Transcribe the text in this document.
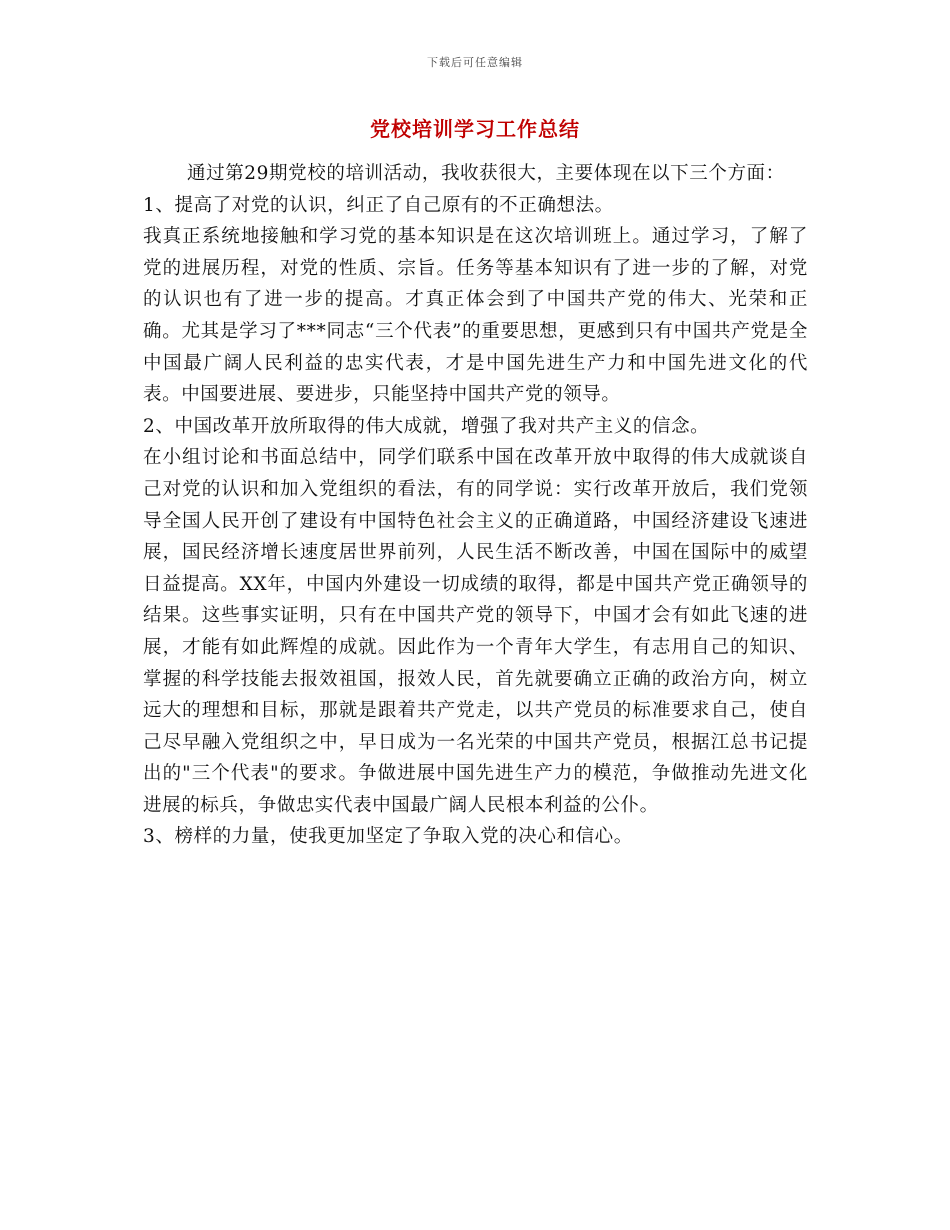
下载后可任意编辑
党校培训学习工作总结

通过第29期党校的培训活动，我收获很大，主要体现在以下三个方面：

1、提高了对党的认识，纠正了自己原有的不正确想法。

我真正系统地接触和学习党的基本知识是在这次培训班上。通过学习，了解了党的进展历程，对党的性质、宗旨。任务等基本知识有了进一步的了解，对党的认识也有了进一步的提高。才真正体会到了中国共产党的伟大、光荣和正确。尤其是学习了***同志“三个代表”的重要思想，更感到只有中国共产党是全中国最广阔人民利益的忠实代表，才是中国先进生产力和中国先进文化的代表。中国要进展、要进步，只能坚持中国共产党的领导。

2、中国改革开放所取得的伟大成就，增强了我对共产主义的信念。

在小组讨论和书面总结中，同学们联系中国在改革开放中取得的伟大成就谈自己对党的认识和加入党组织的看法，有的同学说：实行改革开放后，我们党领导全国人民开创了建设有中国特色社会主义的正确道路，中国经济建设飞速进展，国民经济增长速度居世界前列，人民生活不断改善，中国在国际中的威望日益提高。XX年，中国内外建设一切成绩的取得，都是中国共产党正确领导的结果。这些事实证明，只有在中国共产党的领导下，中国才会有如此飞速的进展，才能有如此辉煌的成就。因此作为一个青年大学生，有志用自己的知识、掌握的科学技能去报效祖国，报效人民，首先就要确立正确的政治方向，树立远大的理想和目标，那就是跟着共产党走，以共产党员的标准要求自己，使自己尽早融入党组织之中，早日成为一名光荣的中国共产党员，根据江总书记提出的"三个代表"的要求。争做进展中国先进生产力的模范，争做推动先进文化进展的标兵，争做忠实代表中国最广阔人民根本利益的公仆。

3、榜样的力量，使我更加坚定了争取入党的决心和信心。
